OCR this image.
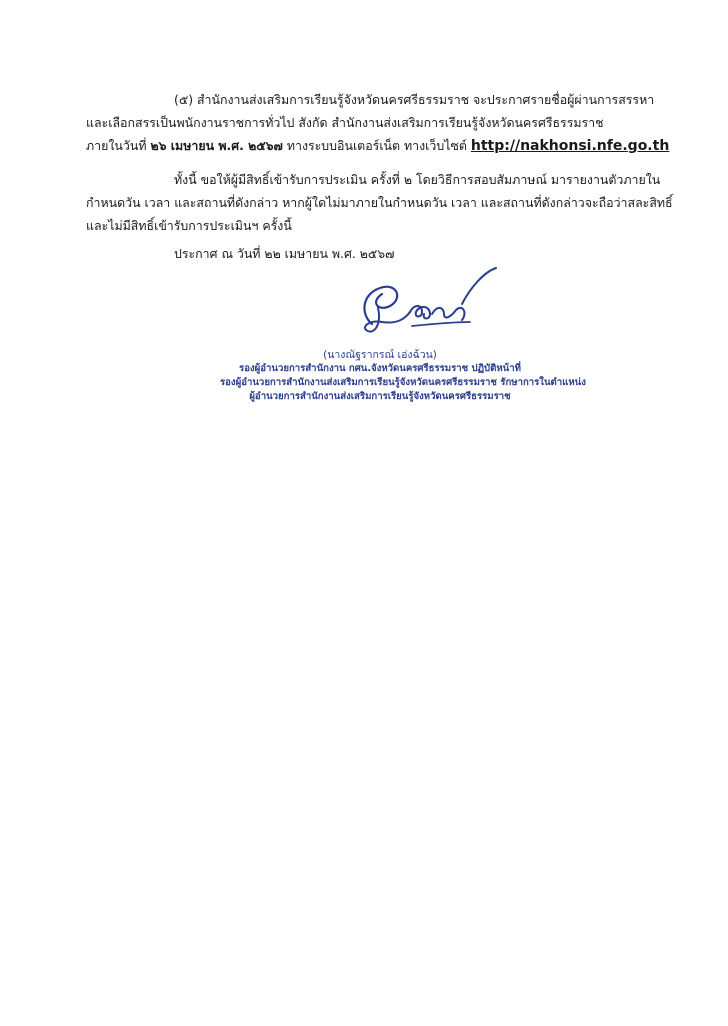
(๕) สำนักงานส่งเสริมการเรียนรู้จังหวัดนครศรีธรรมราช จะประกาศรายชื่อผู้ผ่านการสรรหา
และเลือกสรรเป็นพนักงานราชการทั่วไป สังกัด สำนักงานส่งเสริมการเรียนรู้จังหวัดนครศรีธรรมราช
ภายในวันที่ ๒๖ เมษายน พ.ศ. ๒๕๖๗ ทางระบบอินเตอร์เน็ต ทางเว็บไซต์ http://nakhonsi.nfe.go.th

ทั้งนี้ ขอให้ผู้มีสิทธิ์เข้ารับการประเมิน ครั้งที่ ๒ โดยวิธีการสอบสัมภาษณ์ มารายงานตัวภายใน
กำหนดวัน เวลา และสถานที่ดังกล่าว หากผู้ใดไม่มาภายในกำหนดวัน เวลา และสถานที่ดังกล่าวจะถือว่าสละสิทธิ์
และไม่มีสิทธิ์เข้ารับการประเมินฯ ครั้งนี้

ประกาศ ณ วันที่ ๒๒ เมษายน พ.ศ. ๒๕๖๗
(นางณัฐรากรณ์ เอ่งฉ้วน)
รองผู้อำนวยการสำนักงาน กศน.จังหวัดนครศรีธรรมราช ปฏิบัติหน้าที่
รองผู้อำนวยการสำนักงานส่งเสริมการเรียนรู้จังหวัดนครศรีธรรมราช รักษาการในตำแหน่ง
ผู้อำนวยการสำนักงานส่งเสริมการเรียนรู้จังหวัดนครศรีธรรมราช
